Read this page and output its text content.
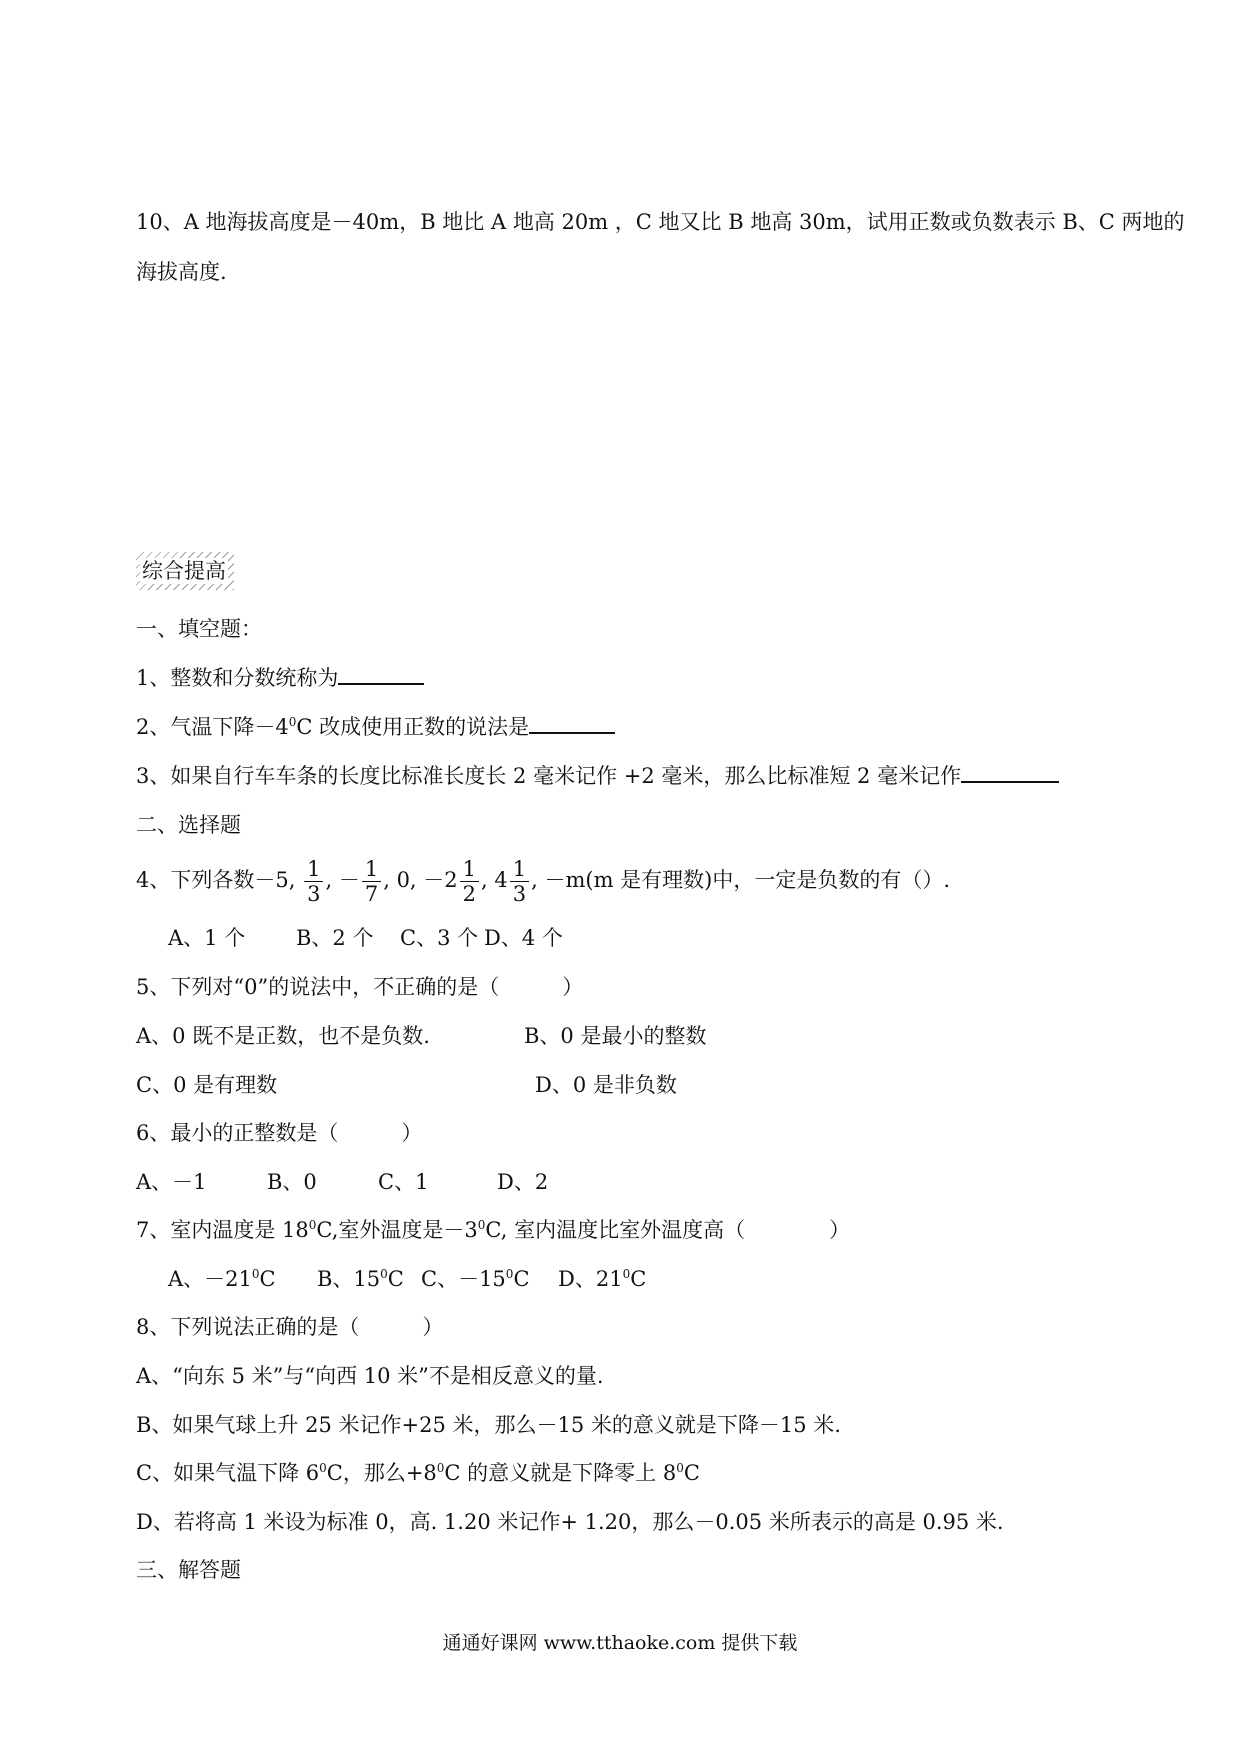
10、A 地海拔高度是－40m，B 地比 A 地高 20m ，C 地又比 B 地高 30m，试用正数或负数表示 B、C 两地的
海拔高度.
综合提高
一、填空题：
1、整数和分数统称为
2、气温下降$-4^0C$ 改成使用正数的说法是
3、如果自行车车条的长度比标准长度长 2 毫米记作 +2 毫米，那么比标准短 2 毫米记作
二、选择题
4、下列各数－5, $\frac{1}{3}$ , － $\frac{1}{7}$ , 0, $-2 \frac{1}{2}$ , $4 \frac{1}{3}$ , －m(m 是有理数)中，一定是负数的有（）.
A、1 个 B、2 个 C、3 个 D、4 个
5、下列对“0”的说法中，不正确的是（　　　）
A、0 既不是正数，也不是负数.	B、0 是最小的整数
C、0 是有理数	D、0 是非负数
6、最小的正整数是（　　　）
A、－1	B、0	C、1	D、2
7、室内温度是 $18^0C$,室外温度是$-3^0C$, 室内温度比室外温度高（　　　　）
A、$-21^0C$ B、$15^0C$ C、$-15^0C$ D、$21^0C$
8、下列说法正确的是（　　　）
A、“向东 5 米”与“向西 10 米”不是相反意义的量.
B、如果气球上升 25 米记作+25 米，那么－15 米的意义就是下降－15 米.
C、如果气温下降 $6^0C$，那么$+8^0C$ 的意义就是下降零上 $8^0C$
D、若将高 1 米设为标准 0，高. 1.20 米记作+ 1.20，那么－0.05 米所表示的高是 0.95 米.
三、解答题
通通好课网 www.tthaoke.com 提供下载
